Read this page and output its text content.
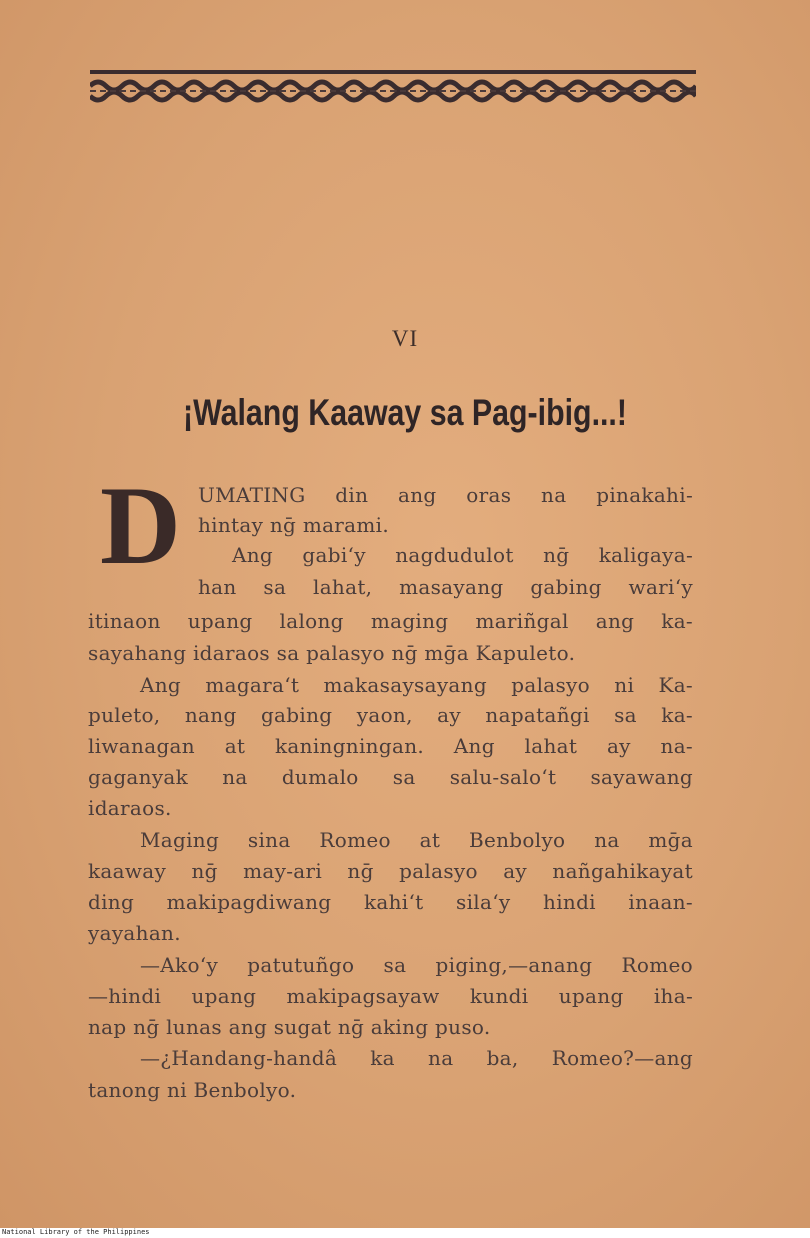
VI
¡Walang Kaaway sa Pag-ibig...!
D UMATING din ang oras na pinakahi-
hintay nḡ marami.
Ang gabi‘y nagdudulot nḡ kaligaya-
han sa lahat, masayang gabing wari‘y
itinaon upang lalong maging mariñgal ang ka-
sayahang idaraos sa palasyo nḡ mḡa Kapuleto.
Ang magara‘t makasaysayang palasyo ni Ka-
puleto, nang gabing yaon, ay napatañgi sa ka-
liwanagan at kaningningan. Ang lahat ay na-
gaganyak na dumalo sa salu-salo‘t sayawang
idaraos.
Maging sina Romeo at Benbolyo na mḡa
kaaway nḡ may-ari nḡ palasyo ay nañgahikayat
ding makipagdiwang kahi‘t sila‘y hindi inaan-
yayahan.
—Ako‘y patutuñgo sa piging,—anang Romeo
—hindi upang makipagsayaw kundi upang iha-
nap nḡ lunas ang sugat nḡ aking puso.
—¿Handang-handâ ka na ba, Romeo?—ang
tanong ni Benbolyo.
National Library of the Philippines
